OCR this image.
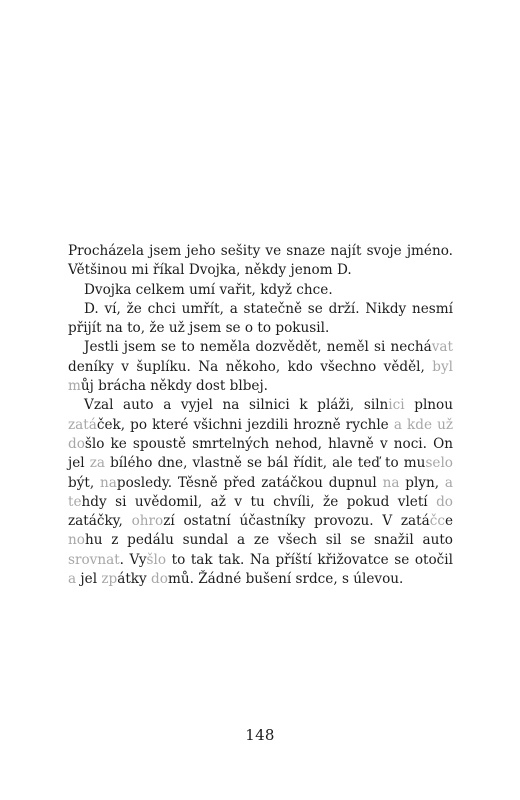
Procházela jsem jeho sešity ve snaze najít svoje jméno. Většinou mi říkal Dvojka, někdy jenom D.

Dvojka celkem umí vařit, když chce.

D. ví, že chci umřít, a statečně se drží. Nikdy nesmí přijít na to, že už jsem se o to pokusil.

Jestli jsem se to neměla dozvědět, neměl si nechávat deníky v šuplíku. Na někoho, kdo všechno věděl, byl můj brácha někdy dost blbej.

Vzal auto a vyjel na silnici k pláži, silnici plnou zatáček, po které všichni jezdili hrozně rychle a kde už došlo ke spoustě smrtelných nehod, hlavně v noci. On jel za bílého dne, vlastně se bál řídit, ale teď to muselo být, naposledy. Těsně před zatáčkou dupnul na plyn, a tehdy si uvědomil, až v tu chvíli, že pokud vletí do zatáčky, ohrozí ostatní účastníky provozu. V zatáčce nohu z pedálu sundal a ze všech sil se snažil auto srovnat. Vyšlo to tak tak. Na příští křižovatce se otočil a jel zpátky domů. Žádné bušení srdce, s úlevou.

148
